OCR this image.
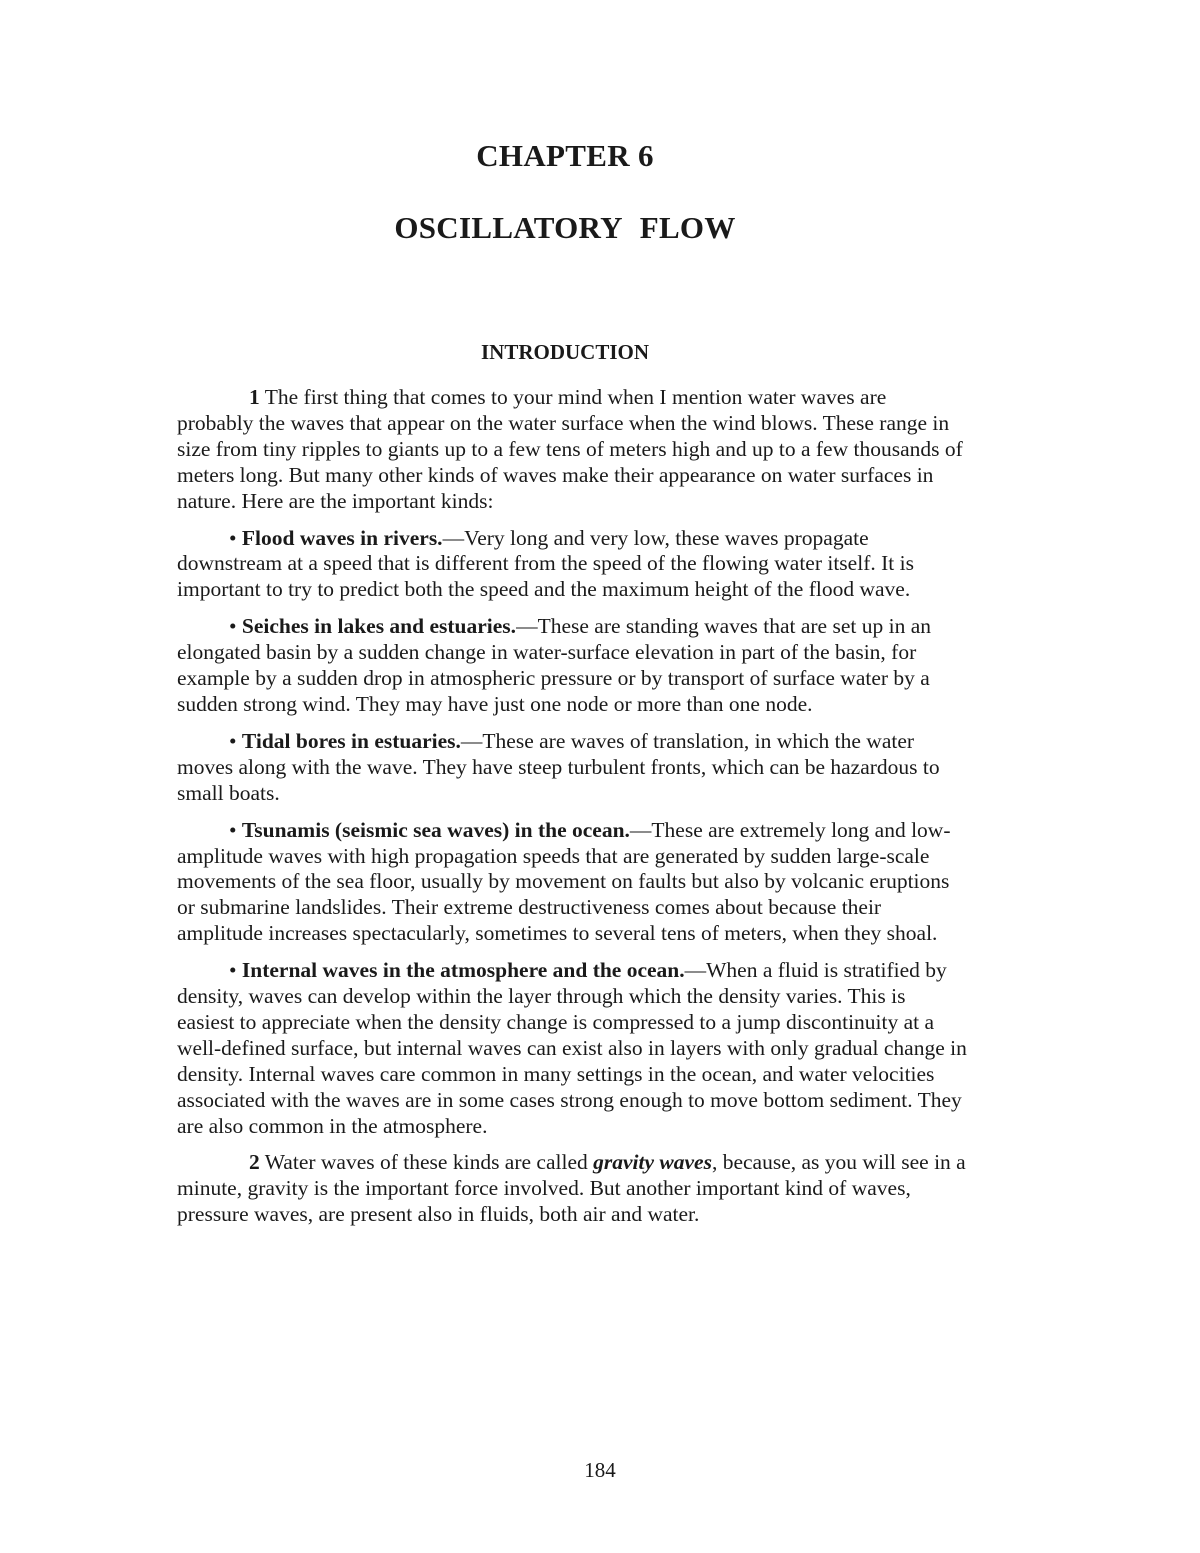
CHAPTER 6
OSCILLATORY FLOW
INTRODUCTION

1 The first thing that comes to your mind when I mention water waves are probably the waves that appear on the water surface when the wind blows. These range in size from tiny ripples to giants up to a few tens of meters high and up to a few thousands of meters long. But many other kinds of waves make their appearance on water surfaces in nature. Here are the important kinds:

• Flood waves in rivers.—Very long and very low, these waves propagate downstream at a speed that is different from the speed of the flowing water itself. It is important to try to predict both the speed and the maximum height of the flood wave.

• Seiches in lakes and estuaries.—These are standing waves that are set up in an elongated basin by a sudden change in water-surface elevation in part of the basin, for example by a sudden drop in atmospheric pressure or by transport of surface water by a sudden strong wind. They may have just one node or more than one node.

• Tidal bores in estuaries.—These are waves of translation, in which the water moves along with the wave. They have steep turbulent fronts, which can be hazardous to small boats.

• Tsunamis (seismic sea waves) in the ocean.—These are extremely long and low-amplitude waves with high propagation speeds that are generated by sudden large-scale movements of the sea floor, usually by movement on faults but also by volcanic eruptions or submarine landslides. Their extreme destructiveness comes about because their amplitude increases spectacularly, sometimes to several tens of meters, when they shoal.

• Internal waves in the atmosphere and the ocean.—When a fluid is stratified by density, waves can develop within the layer through which the density varies. This is easiest to appreciate when the density change is compressed to a jump discontinuity at a well-defined surface, but internal waves can exist also in layers with only gradual change in density. Internal waves care common in many settings in the ocean, and water velocities associated with the waves are in some cases strong enough to move bottom sediment. They are also common in the atmosphere.

2 Water waves of these kinds are called gravity waves, because, as you will see in a minute, gravity is the important force involved. But another important kind of waves, pressure waves, are present also in fluids, both air and water.

184
